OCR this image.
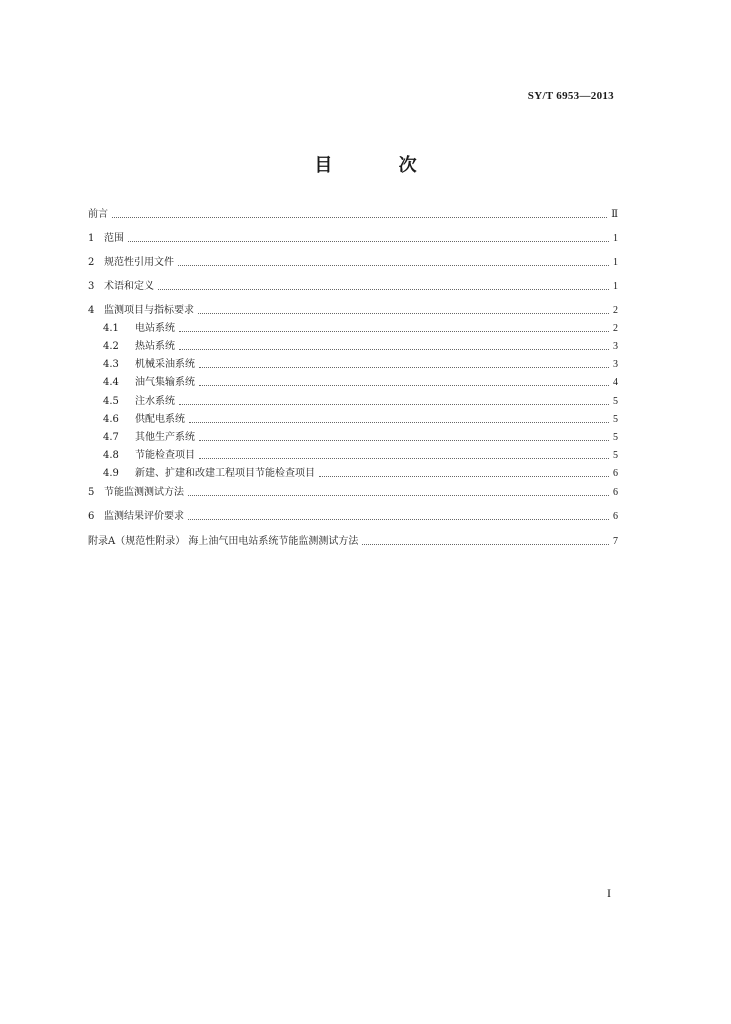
SY/T 6953—2013
目 次
前言	Ⅱ
1 范围	1
2 规范性引用文件	1
3 术语和定义	1
4 监测项目与指标要求	2
4.1	电站系统	2
4.2	热站系统	3
4.3	机械采油系统	3
4.4	油气集输系统	4
4.5	注水系统	5
4.6	供配电系统	5
4.7	其他生产系统	5
4.8	节能检查项目	5
4.9	新建、扩建和改建工程项目节能检查项目	6
5 节能监测测试方法	6
6 监测结果评价要求	6
附录A（规范性附录） 海上油气田电站系统节能监测测试方法	7
I
